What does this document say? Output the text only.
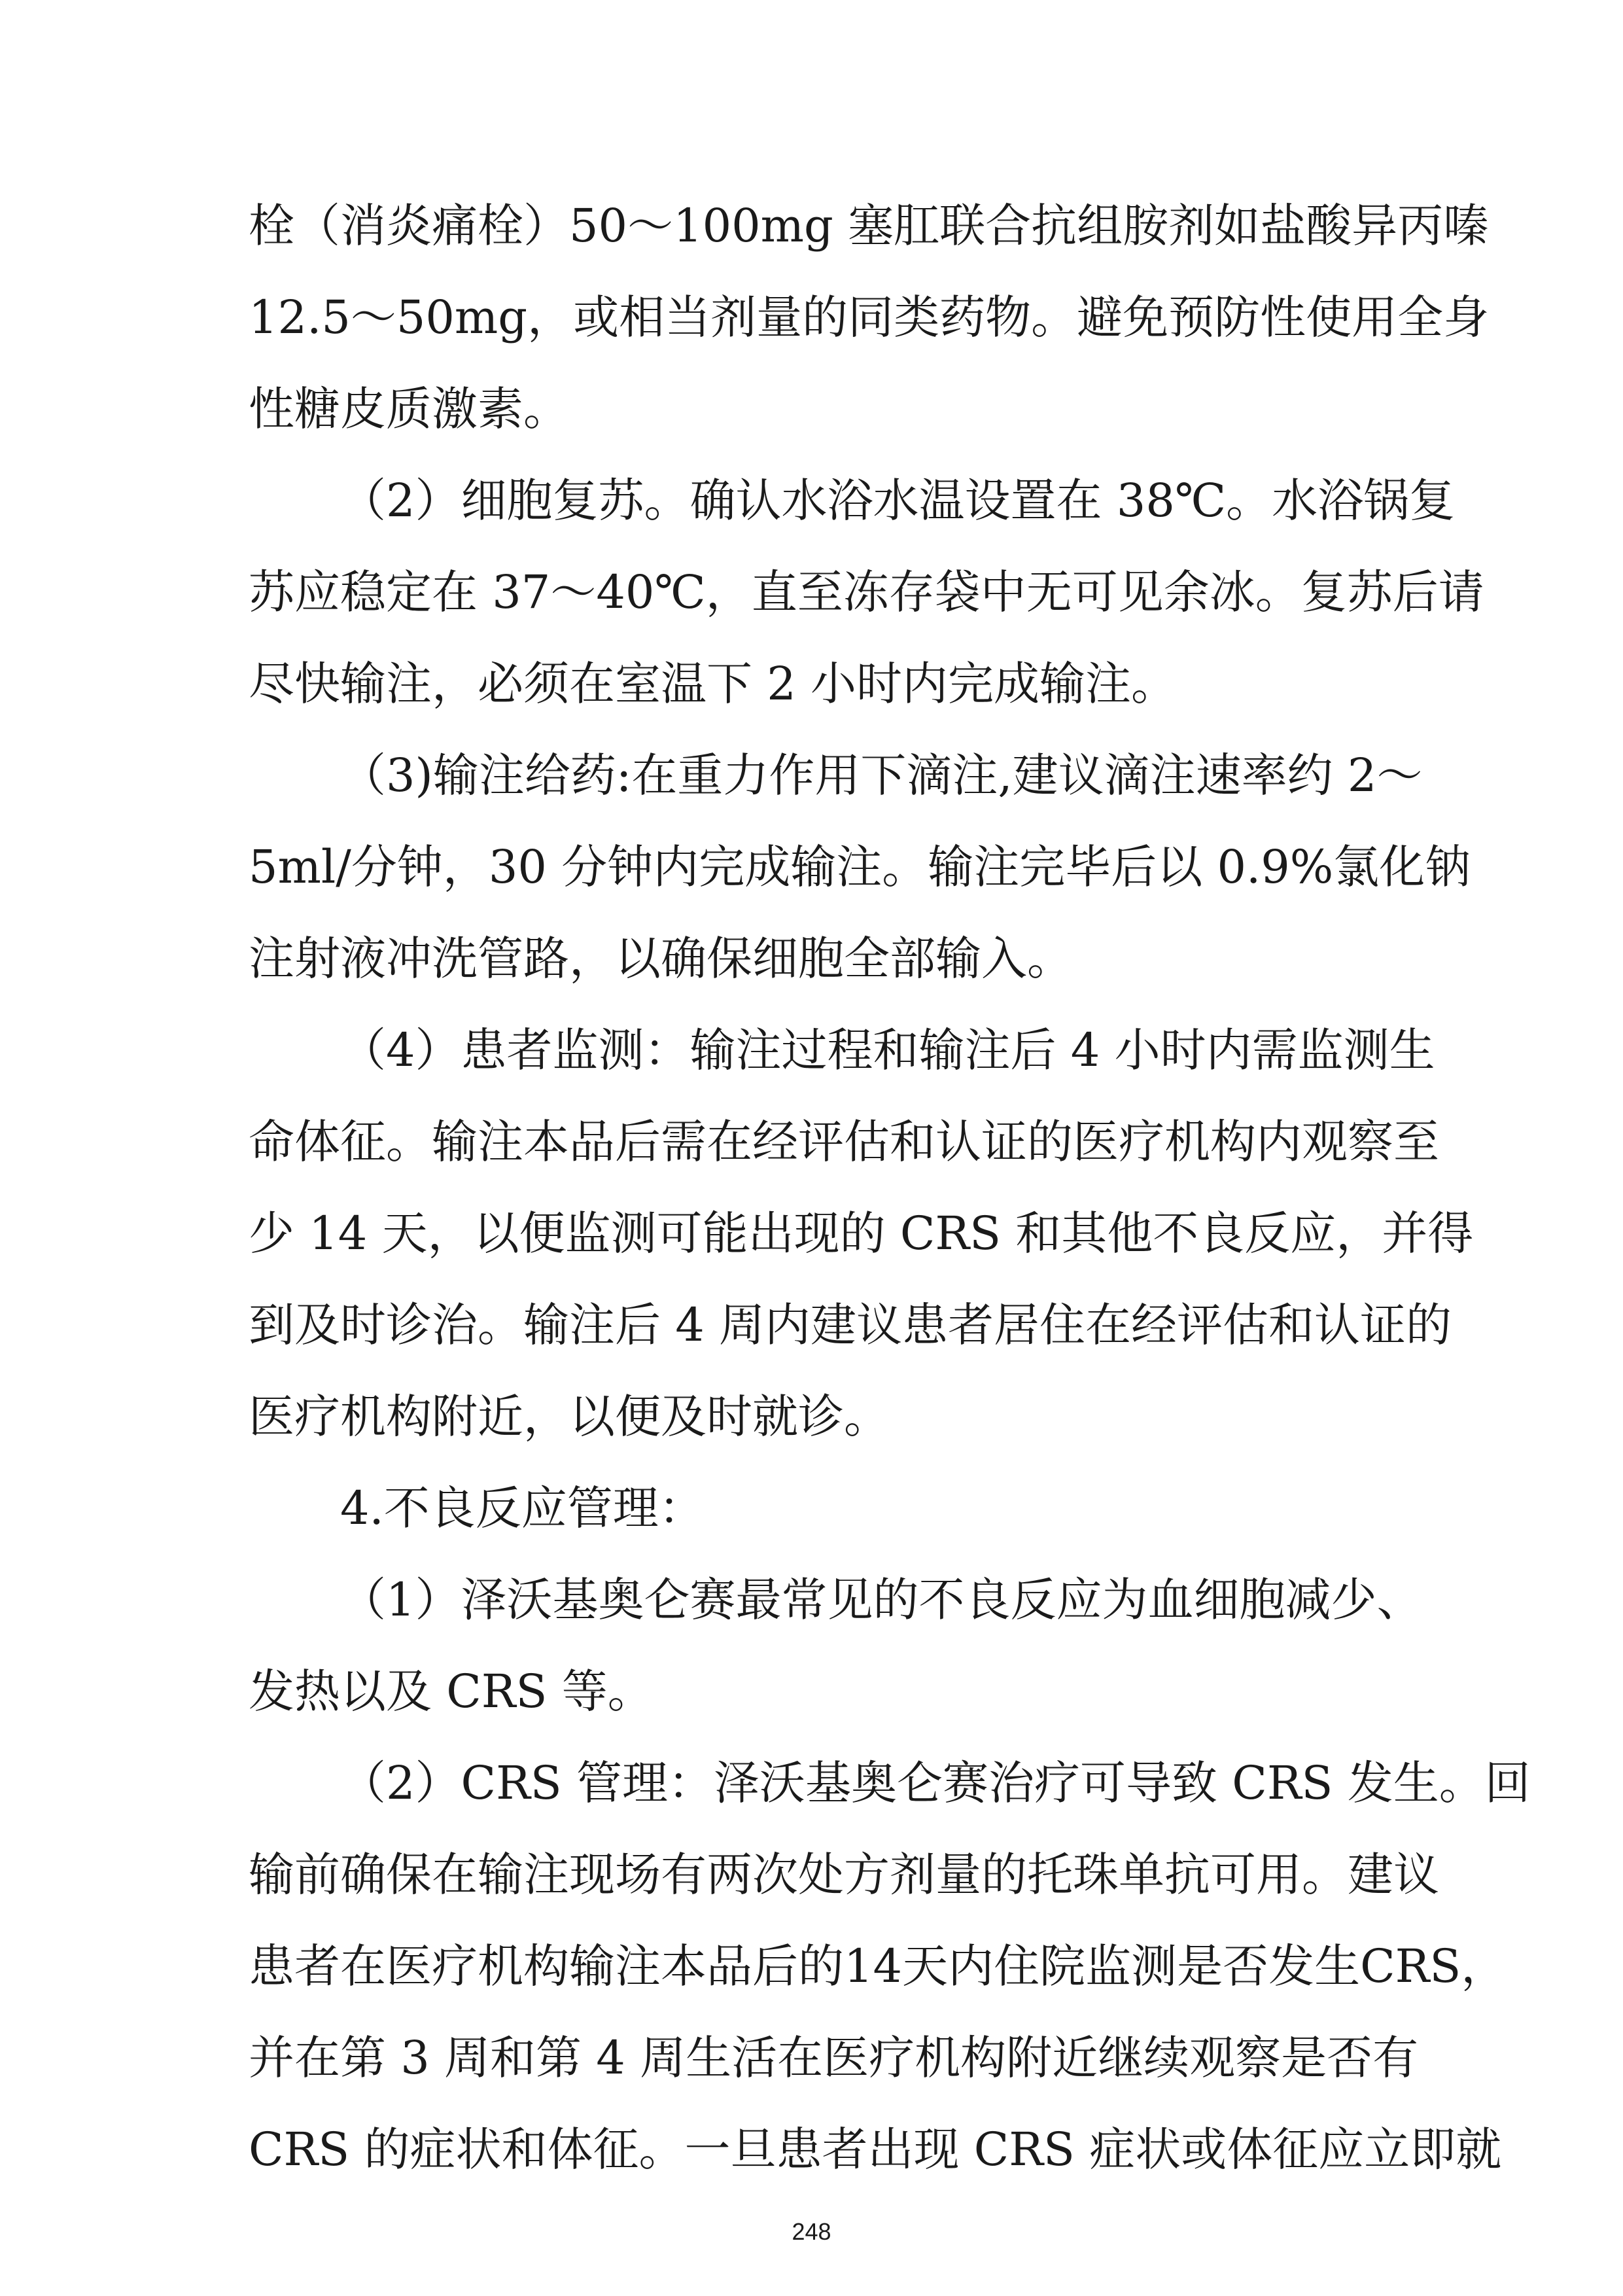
栓（消炎痛栓）50～100mg 塞肛联合抗组胺剂如盐酸异丙嗪
12.5～50mg，或相当剂量的同类药物。避免预防性使用全身
性糖皮质激素。
（2）细胞复苏。确认水浴水温设置在 38℃。水浴锅复
苏应稳定在 37～40℃，直至冻存袋中无可见余冰。复苏后请
尽快输注，必须在室温下 2 小时内完成输注。
（3)输注给药:在重力作用下滴注,建议滴注速率约 2～
5ml/分钟，30 分钟内完成输注。输注完毕后以 0.9%氯化钠
注射液冲洗管路，以确保细胞全部输入。
（4）患者监测：输注过程和输注后 4 小时内需监测生
命体征。输注本品后需在经评估和认证的医疗机构内观察至
少 14 天，以便监测可能出现的 CRS 和其他不良反应，并得
到及时诊治。输注后 4 周内建议患者居住在经评估和认证的
医疗机构附近，以便及时就诊。
4.不良反应管理：
（1）泽沃基奥仑赛最常见的不良反应为血细胞减少、
发热以及 CRS 等。
（2）CRS 管理：泽沃基奥仑赛治疗可导致 CRS 发生。回
输前确保在输注现场有两次处方剂量的托珠单抗可用。建议
患者在医疗机构输注本品后的14天内住院监测是否发生CRS，
并在第 3 周和第 4 周生活在医疗机构附近继续观察是否有
CRS 的症状和体征。一旦患者出现 CRS 症状或体征应立即就
248
